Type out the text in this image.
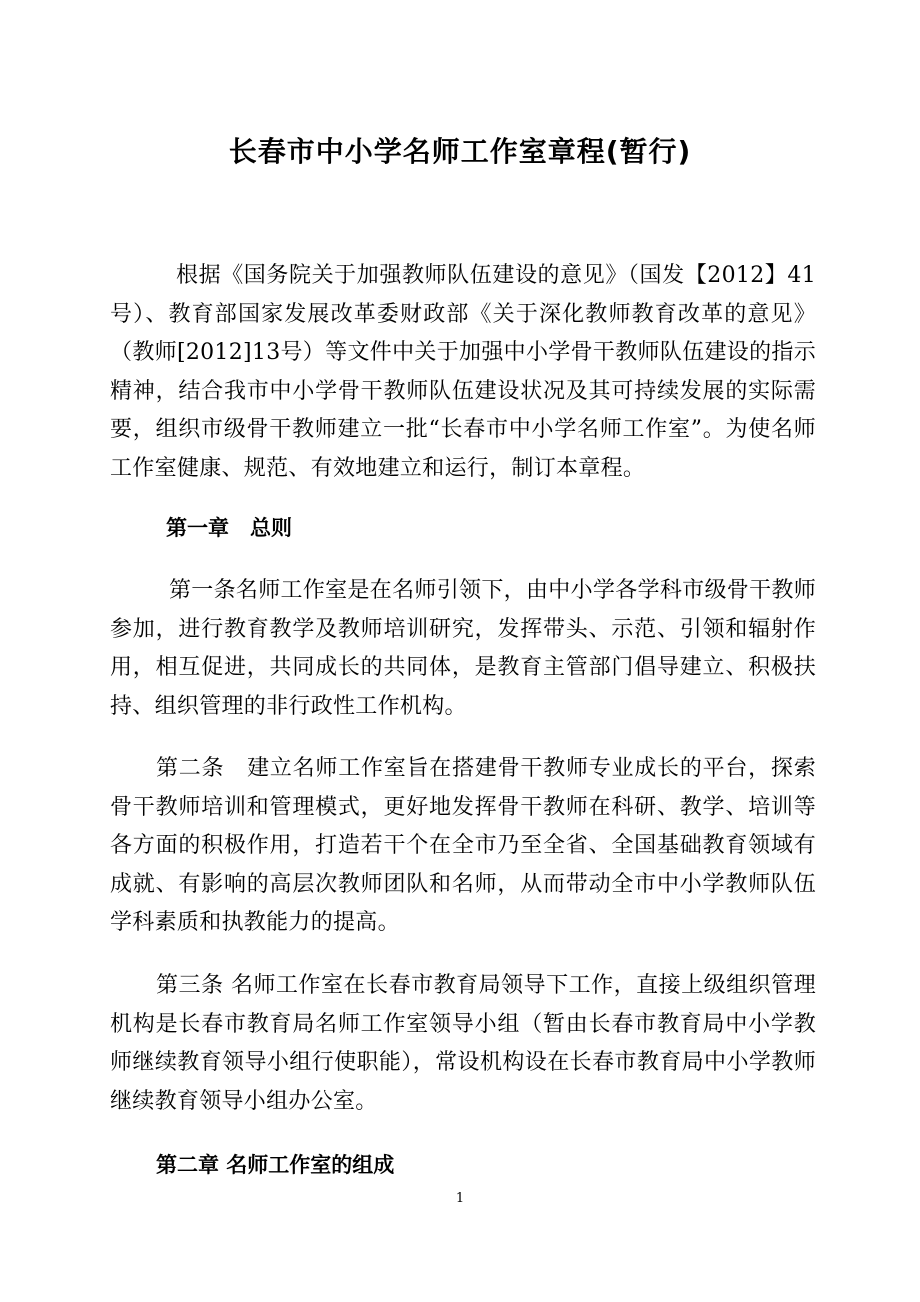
长春市中小学名师工作室章程(暂行)

根据《国务院关于加强教师队伍建设的意见》（国发【2012】41号）、教育部国家发展改革委财政部《关于深化教师教育改革的意见》（教师[2012]13号）等文件中关于加强中小学骨干教师队伍建设的指示精神，结合我市中小学骨干教师队伍建设状况及其可持续发展的实际需要，组织市级骨干教师建立一批“长春市中小学名师工作室”。为使名师工作室健康、规范、有效地建立和运行，制订本章程。

第一章　总则

第一条名师工作室是在名师引领下，由中小学各学科市级骨干教师参加，进行教育教学及教师培训研究，发挥带头、示范、引领和辐射作用，相互促进，共同成长的共同体，是教育主管部门倡导建立、积极扶持、组织管理的非行政性工作机构。

第二条　建立名师工作室旨在搭建骨干教师专业成长的平台，探索骨干教师培训和管理模式，更好地发挥骨干教师在科研、教学、培训等各方面的积极作用，打造若干个在全市乃至全省、全国基础教育领域有成就、有影响的高层次教师团队和名师，从而带动全市中小学教师队伍学科素质和执教能力的提高。

第三条 名师工作室在长春市教育局领导下工作，直接上级组织管理机构是长春市教育局名师工作室领导小组（暂由长春市教育局中小学教师继续教育领导小组行使职能），常设机构设在长春市教育局中小学教师继续教育领导小组办公室。

第二章 名师工作室的组成
1
